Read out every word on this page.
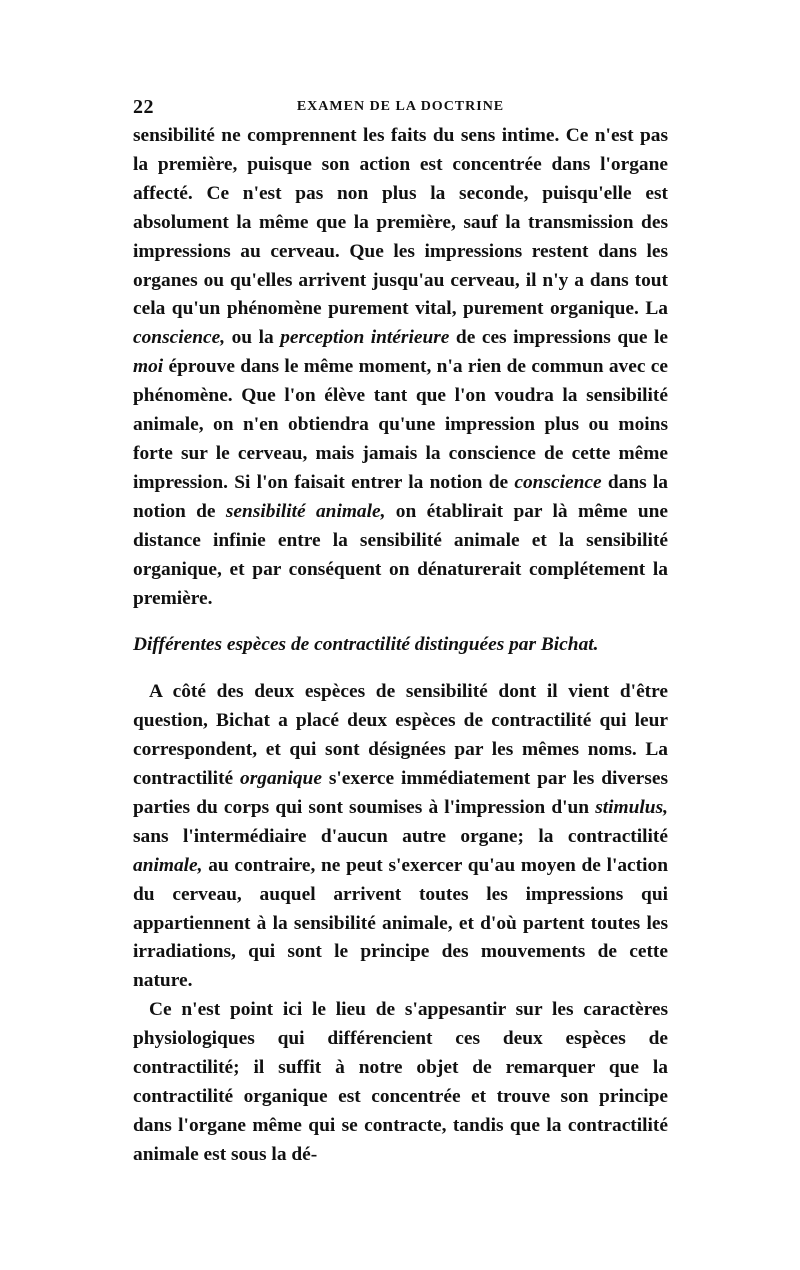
22	EXAMEN DE LA DOCTRINE

sensibilité ne comprennent les faits du sens intime. Ce n'est pas la première, puisque son action est concentrée dans l'organe affecté. Ce n'est pas non plus la seconde, puisqu'elle est absolument la même que la première, sauf la transmission des impressions au cerveau. Que les impressions restent dans les organes ou qu'elles arrivent jusqu'au cerveau, il n'y a dans tout cela qu'un phénomène purement vital, purement organique. La conscience, ou la perception intérieure de ces impressions que le moi éprouve dans le même moment, n'a rien de commun avec ce phénomène. Que l'on élève tant que l'on voudra la sensibilité animale, on n'en obtiendra qu'une impression plus ou moins forte sur le cerveau, mais jamais la conscience de cette même impression. Si l'on faisait entrer la notion de conscience dans la notion de sensibilité animale, on établirait par là même une distance infinie entre la sensibilité animale et la sensibilité organique, et par conséquent on dénaturerait complétement la première.

Différentes espèces de contractilité distinguées par Bichat.

A côté des deux espèces de sensibilité dont il vient d'être question, Bichat a placé deux espèces de contractilité qui leur correspondent, et qui sont désignées par les mêmes noms. La contractilité organique s'exerce immédiatement par les diverses parties du corps qui sont soumises à l'impression d'un stimulus, sans l'intermédiaire d'aucun autre organe; la contractilité animale, au contraire, ne peut s'exercer qu'au moyen de l'action du cerveau, auquel arrivent toutes les impressions qui appartiennent à la sensibilité animale, et d'où partent toutes les irradiations, qui sont le principe des mouvements de cette nature.

Ce n'est point ici le lieu de s'appesantir sur les caractères physiologiques qui différencient ces deux espèces de contractilité; il suffit à notre objet de remarquer que la contractilité organique est concentrée et trouve son principe dans l'organe même qui se contracte, tandis que la contractilité animale est sous la dé-
